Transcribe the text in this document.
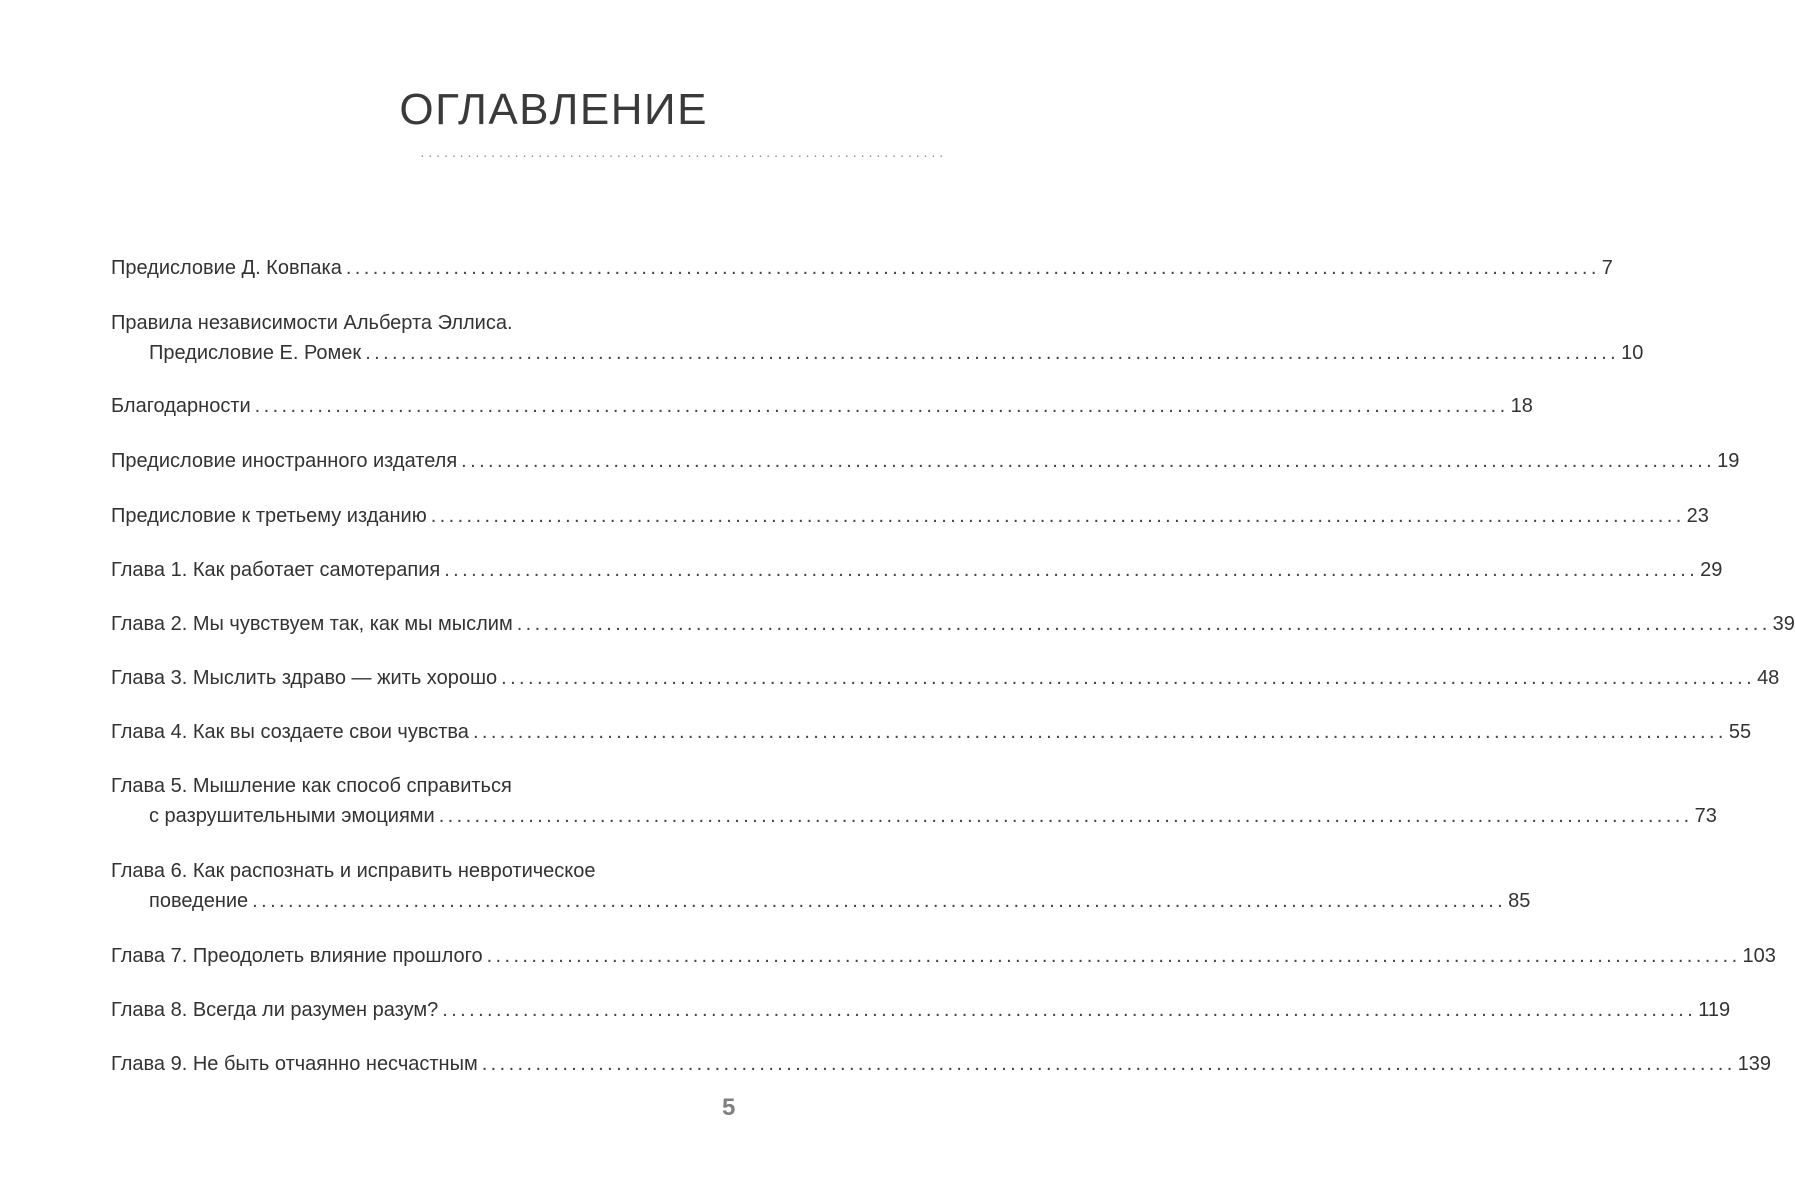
ОГЛАВЛЕНИЕ
···································································
Предисловие Д. Ковпака ............................................................................................................................................ 7
Правила независимости Альберта Эллиса.
Предисловие Е. Ромек ............................................................................................................................................ 10
Благодарности ............................................................................................................................................ 18
Предисловие иностранного издателя ............................................................................................................................................ 19
Предисловие к третьему изданию ............................................................................................................................................ 23
Глава 1. Как работает самотерапия ............................................................................................................................................ 29
Глава 2. Мы чувствуем так, как мы мыслим ............................................................................................................................................ 39
Глава 3. Мыслить здраво — жить хорошо ............................................................................................................................................ 48
Глава 4. Как вы создаете свои чувства ............................................................................................................................................ 55
Глава 5. Мышление как способ справиться
с разрушительными эмоциями ............................................................................................................................................ 73
Глава 6. Как распознать и исправить невротическое
поведение ............................................................................................................................................ 85
Глава 7. Преодолеть влияние прошлого ............................................................................................................................................ 103
Глава 8. Всегда ли разумен разум? ............................................................................................................................................ 119
Глава 9. Не быть отчаянно несчастным ............................................................................................................................................ 139
5
